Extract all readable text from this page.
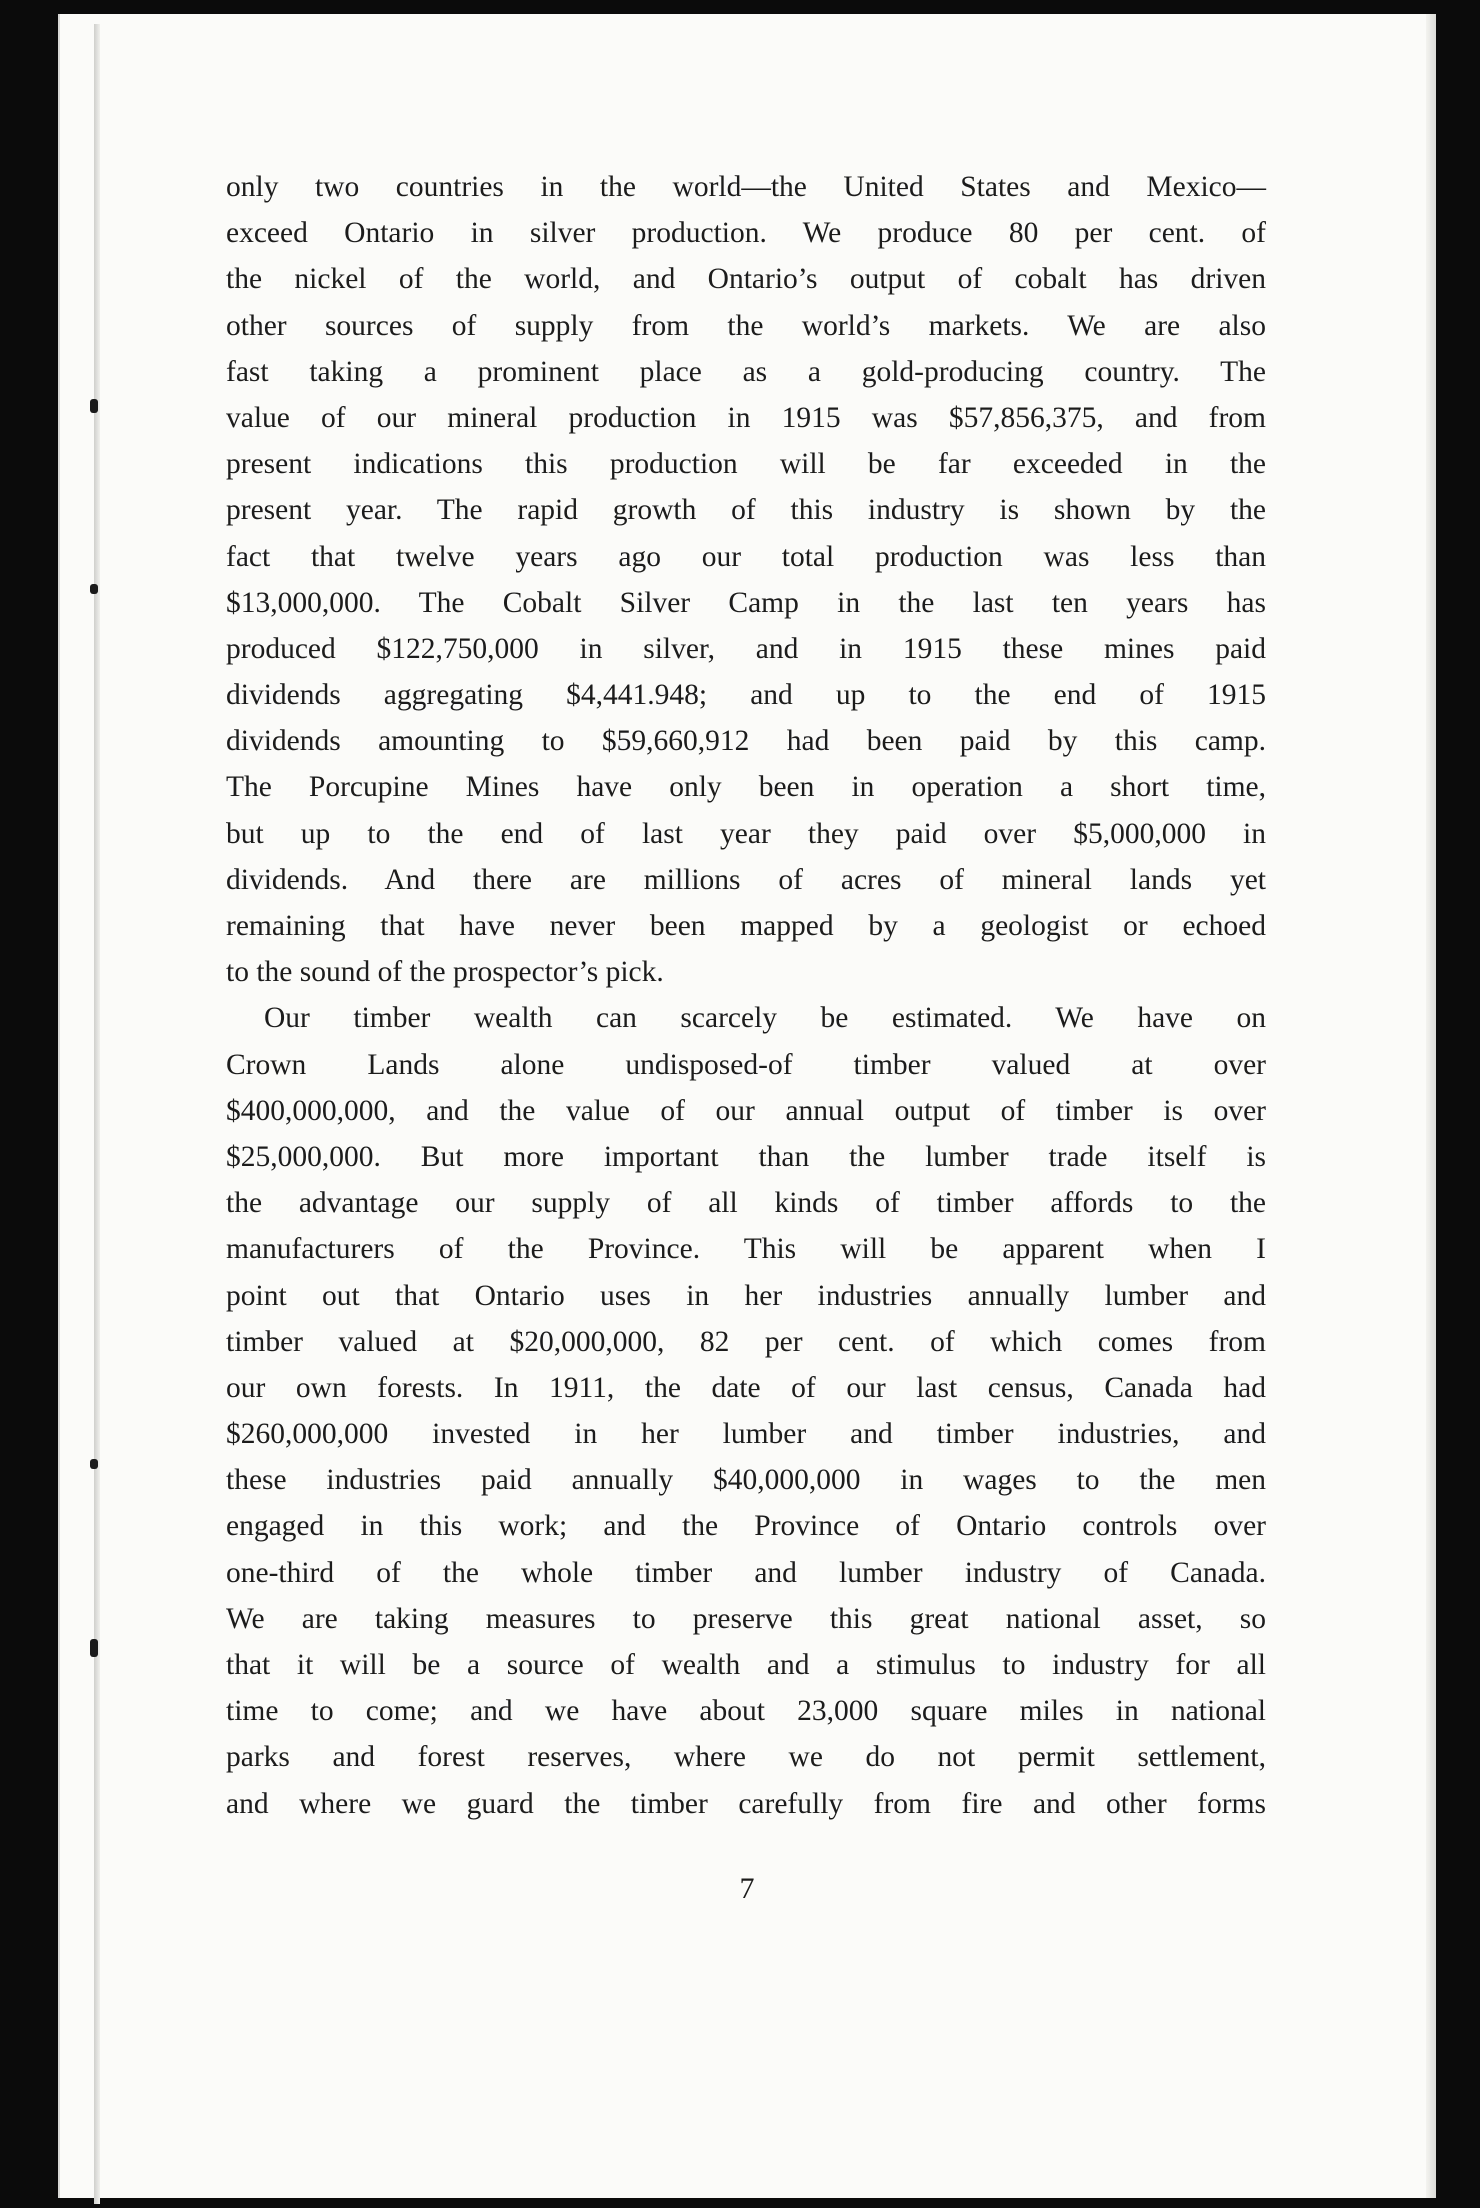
only two countries in the world—the United States and Mexico—
exceed Ontario in silver production. We produce 80 per cent. of
the nickel of the world, and Ontario’s output of cobalt has driven
other sources of supply from the world’s markets. We are also
fast taking a prominent place as a gold-producing country. The
value of our mineral production in 1915 was $57,856,375, and from
present indications this production will be far exceeded in the
present year. The rapid growth of this industry is shown by the
fact that twelve years ago our total production was less than
$13,000,000. The Cobalt Silver Camp in the last ten years has
produced $122,750,000 in silver, and in 1915 these mines paid
dividends aggregating $4,441.948; and up to the end of 1915
dividends amounting to $59,660,912 had been paid by this camp.
The Porcupine Mines have only been in operation a short time,
but up to the end of last year they paid over $5,000,000 in
dividends. And there are millions of acres of mineral lands yet
remaining that have never been mapped by a geologist or echoed
to the sound of the prospector’s pick.
Our timber wealth can scarcely be estimated. We have on
Crown Lands alone undisposed-of timber valued at over
$400,000,000, and the value of our annual output of timber is over
$25,000,000. But more important than the lumber trade itself is
the advantage our supply of all kinds of timber affords to the
manufacturers of the Province. This will be apparent when I
point out that Ontario uses in her industries annually lumber and
timber valued at $20,000,000, 82 per cent. of which comes from
our own forests. In 1911, the date of our last census, Canada had
$260,000,000 invested in her lumber and timber industries, and
these industries paid annually $40,000,000 in wages to the men
engaged in this work; and the Province of Ontario controls over
one-third of the whole timber and lumber industry of Canada.
We are taking measures to preserve this great national asset, so
that it will be a source of wealth and a stimulus to industry for all
time to come; and we have about 23,000 square miles in national
parks and forest reserves, where we do not permit settlement,
and where we guard the timber carefully from fire and other forms
7
